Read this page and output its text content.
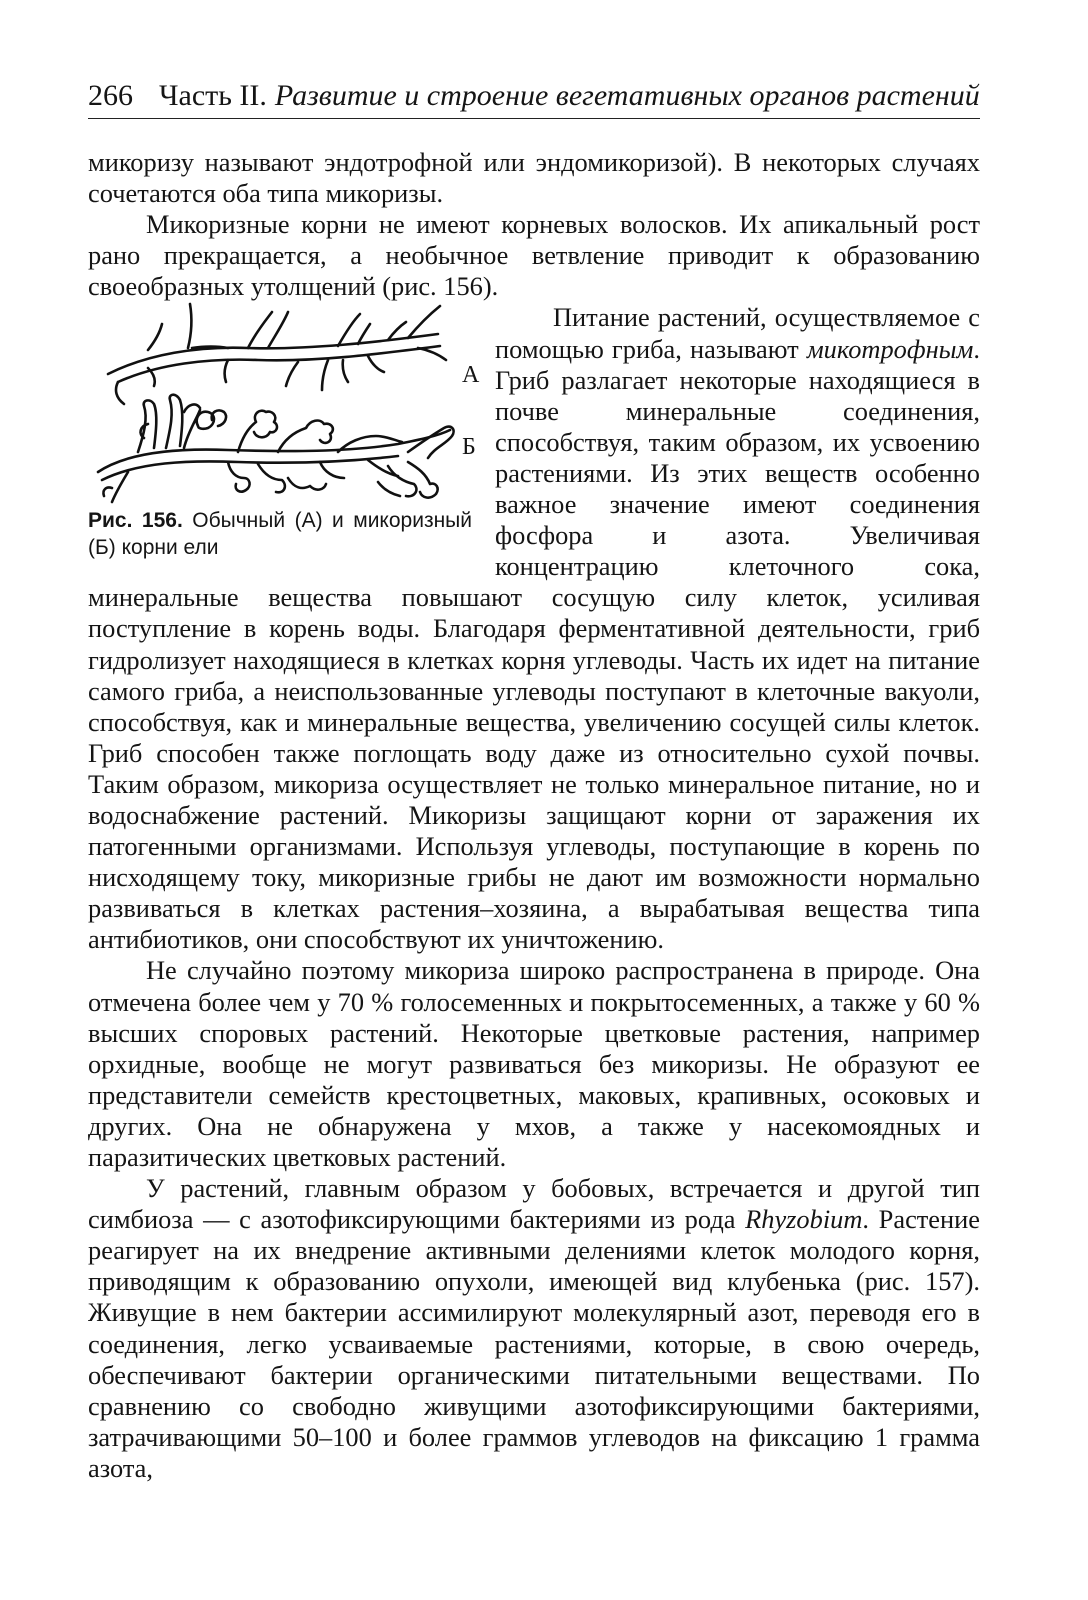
266 Часть II. Развитие и строение вегетативных органов растений

микоризу называют эндотрофной или эндомикоризой). В некоторых случаях сочетаются оба типа микоризы.

Микоризные корни не имеют корневых волосков. Их апикальный рост рано прекращается, а необычное ветвление приводит к образованию своеобразных утолщений (рис. 156).

А
Б
Рис. 156. Обычный (А) и микоризный (Б) корни ели

Питание растений, осуществляемое с помощью гриба, называют микотрофным. Гриб разлагает некоторые находящиеся в почве минеральные соединения, способствуя, таким образом, их усвоению растениями. Из этих веществ особенно важное значение имеют соединения фосфора и азота. Увеличивая концентрацию клеточного сока, минеральные вещества повышают сосущую силу клеток, усиливая поступление в корень воды. Благодаря ферментативной деятельности, гриб гидролизует находящиеся в клетках корня углеводы. Часть их идет на питание самого гриба, а неиспользованные углеводы поступают в клеточные вакуоли, способствуя, как и минеральные вещества, увеличению сосущей силы клеток. Гриб способен также поглощать воду даже из относительно сухой почвы. Таким образом, микориза осуществляет не только минеральное питание, но и водоснабжение растений. Микоризы защищают корни от заражения их патогенными организмами. Используя углеводы, поступающие в корень по нисходящему току, микоризные грибы не дают им возможности нормально развиваться в клетках растения–хозяина, а вырабатывая вещества типа антибиотиков, они способствуют их уничтожению.

Не случайно поэтому микориза широко распространена в природе. Она отмечена более чем у 70 % голосеменных и покрытосеменных, а также у 60 % высших споровых растений. Некоторые цветковые растения, например орхидные, вообще не могут развиваться без микоризы. Не образуют ее представители семейств крестоцветных, маковых, крапивных, осоковых и других. Она не обнаружена у мхов, а также у насекомоядных и паразитических цветковых растений.

У растений, главным образом у бобовых, встречается и другой тип симбиоза — с азотофиксирующими бактериями из рода Rhyzobium. Растение реагирует на их внедрение активными делениями клеток молодого корня, приводящим к образованию опухоли, имеющей вид клубенька (рис. 157). Живущие в нем бактерии ассимилируют молекулярный азот, переводя его в соединения, легко усваиваемые растениями, которые, в свою очередь, обеспечивают бактерии органическими питательными веществами. По сравнению со свободно живущими азотофиксирующими бактериями, затрачивающими 50–100 и более граммов углеводов на фиксацию 1 грамма азота,
